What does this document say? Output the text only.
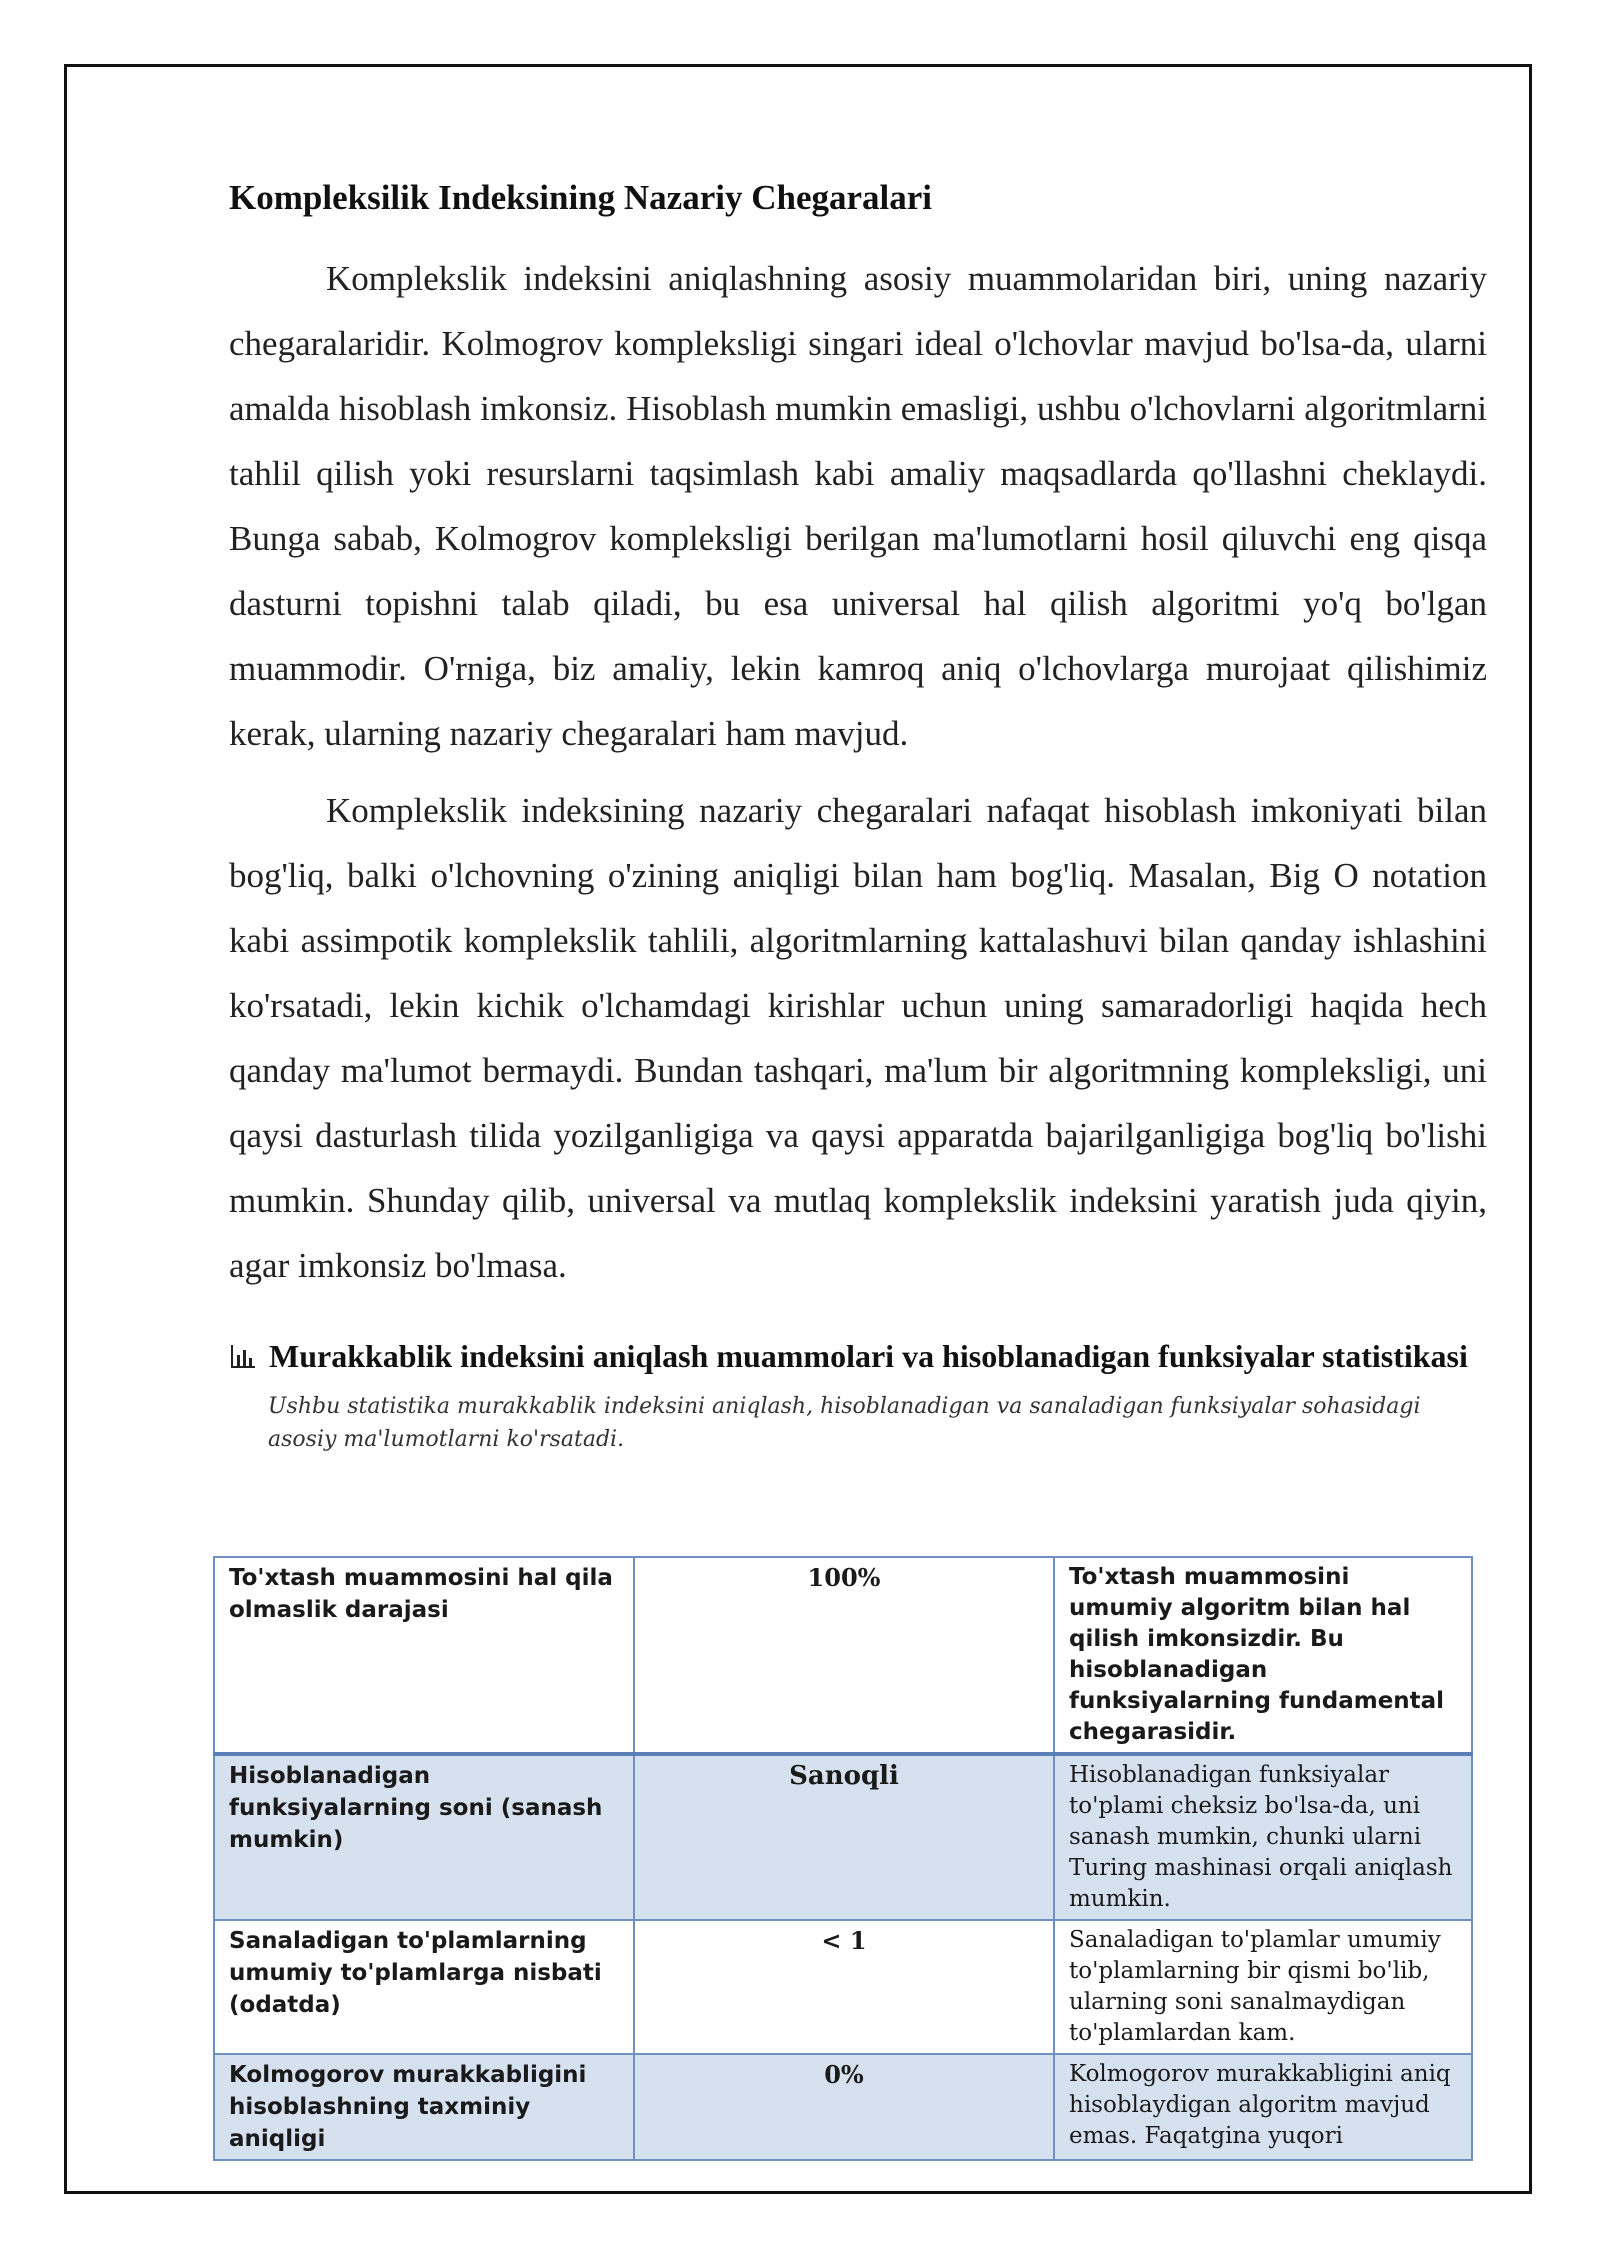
Kompleksilik Indeksining Nazariy Chegaralari

Komplekslik indeksini aniqlashning asosiy muammolaridan biri, uning nazariy chegaralaridir. Kolmogrov kompleksligi singari ideal o'lchovlar mavjud bo'lsa-da, ularni amalda hisoblash imkonsiz. Hisoblash mumkin emasligi, ushbu o'lchovlarni algoritmlarni tahlil qilish yoki resurslarni taqsimlash kabi amaliy maqsadlarda qo'llashni cheklaydi. Bunga sabab, Kolmogrov kompleksligi berilgan ma'lumotlarni hosil qiluvchi eng qisqa dasturni topishni talab qiladi, bu esa universal hal qilish algoritmi yo'q bo'lgan muammodir. O'rniga, biz amaliy, lekin kamroq aniq o'lchovlarga murojaat qilishimiz kerak, ularning nazariy chegaralari ham mavjud.

Komplekslik indeksining nazariy chegaralari nafaqat hisoblash imkoniyati bilan bog'liq, balki o'lchovning o'zining aniqligi bilan ham bog'liq. Masalan, Big O notation kabi assimpotik komplekslik tahlili, algoritmlarning kattalashuvi bilan qanday ishlashini ko'rsatadi, lekin kichik o'lchamdagi kirishlar uchun uning samaradorligi haqida hech qanday ma'lumot bermaydi. Bundan tashqari, ma'lum bir algoritmning kompleksligi, uni qaysi dasturlash tilida yozilganligiga va qaysi apparatda bajarilganligiga bog'liq bo'lishi mumkin. Shunday qilib, universal va mutlaq komplekslik indeksini yaratish juda qiyin, agar imkonsiz bo'lmasa.

Murakkablik indeksini aniqlash muammolari va hisoblanadigan funksiyalar statistikasi
Ushbu statistika murakkablik indeksini aniqlash, hisoblanadigan va sanaladigan funksiyalar sohasidagi asosiy ma'lumotlarni ko'rsatadi.
To'xtash muammosini hal qila olmaslik darajasi	100%	To'xtash muammosini umumiy algoritm bilan hal qilish imkonsizdir. Bu hisoblanadigan funksiyalarning fundamental chegarasidir.
Hisoblanadigan funksiyalarning soni (sanash mumkin)	Sanoqli	Hisoblanadigan funksiyalar to'plami cheksiz bo'lsa-da, uni sanash mumkin, chunki ularni Turing mashinasi orqali aniqlash mumkin.
Sanaladigan to'plamlarning umumiy to'plamlarga nisbati (odatda)	< 1	Sanaladigan to'plamlar umumiy to'plamlarning bir qismi bo'lib, ularning soni sanalmaydigan to'plamlardan kam.
Kolmogorov murakkabligini hisoblashning taxminiy aniqligi	0%	Kolmogorov murakkabligini aniq hisoblaydigan algoritm mavjud emas. Faqatgina yuqori
